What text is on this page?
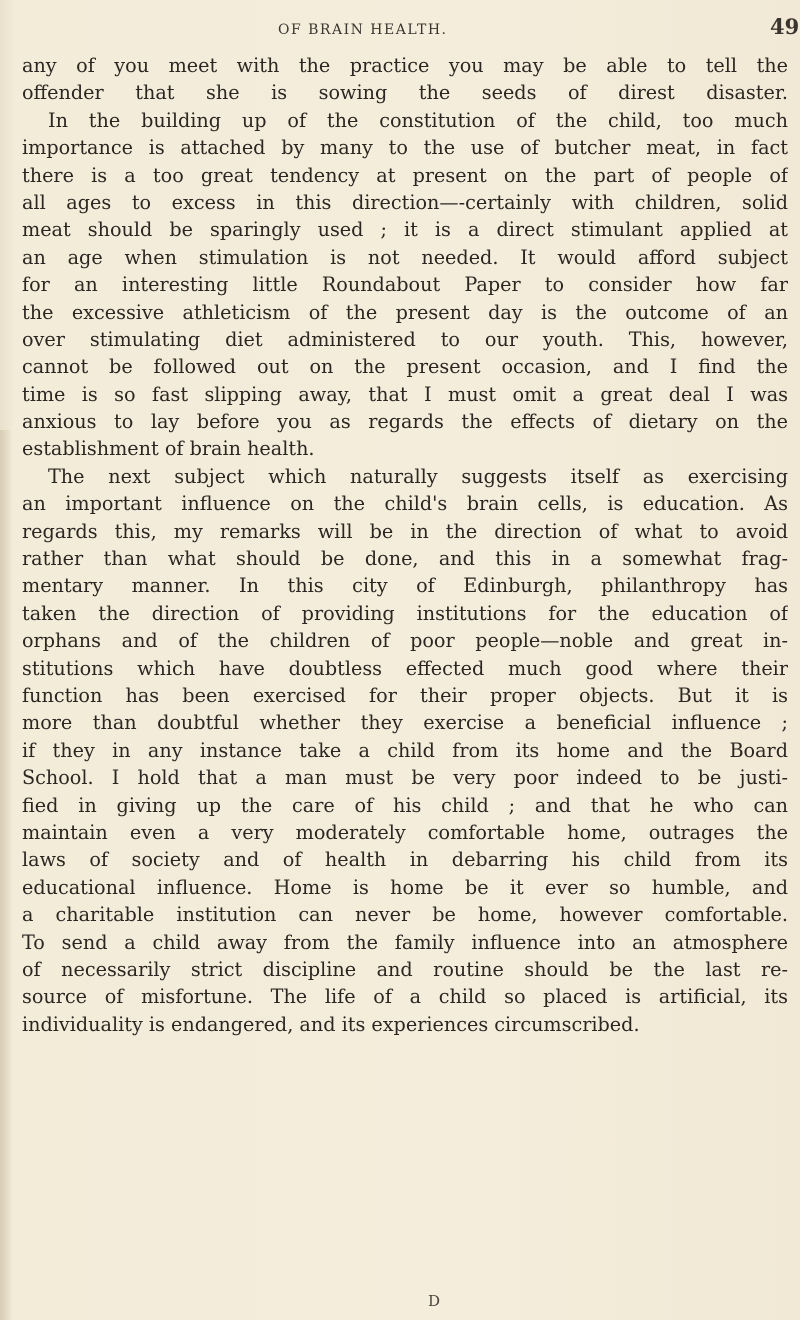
OF BRAIN HEALTH.	49
any of you meet with the practice you may be able to tell the
offender that she is sowing the seeds of direst disaster.
In the building up of the constitution of the child, too much
importance is attached by many to the use of butcher meat, in fact
there is a too great tendency at present on the part of people of
all ages to excess in this direction—-certainly with children, solid
meat should be sparingly used ; it is a direct stimulant applied at
an age when stimulation is not needed. It would afford subject
for an interesting little Roundabout Paper to consider how far
the excessive athleticism of the present day is the outcome of an
over stimulating diet administered to our youth. This, however,
cannot be followed out on the present occasion, and I find the
time is so fast slipping away, that I must omit a great deal I was
anxious to lay before you as regards the effects of dietary on the
establishment of brain health.
The next subject which naturally suggests itself as exercising
an important influence on the child's brain cells, is education. As
regards this, my remarks will be in the direction of what to avoid
rather than what should be done, and this in a somewhat frag-
mentary manner. In this city of Edinburgh, philanthropy has
taken the direction of providing institutions for the education of
orphans and of the children of poor people—noble and great in-
stitutions which have doubtless effected much good where their
function has been exercised for their proper objects. But it is
more than doubtful whether they exercise a beneficial influence ;
if they in any instance take a child from its home and the Board
School. I hold that a man must be very poor indeed to be justi-
fied in giving up the care of his child ; and that he who can
maintain even a very moderately comfortable home, outrages the
laws of society and of health in debarring his child from its
educational influence. Home is home be it ever so humble, and
a charitable institution can never be home, however comfortable.
To send a child away from the family influence into an atmosphere
of necessarily strict discipline and routine should be the last re-
source of misfortune. The life of a child so placed is artificial, its
individuality is endangered, and its experiences circumscribed.
D
